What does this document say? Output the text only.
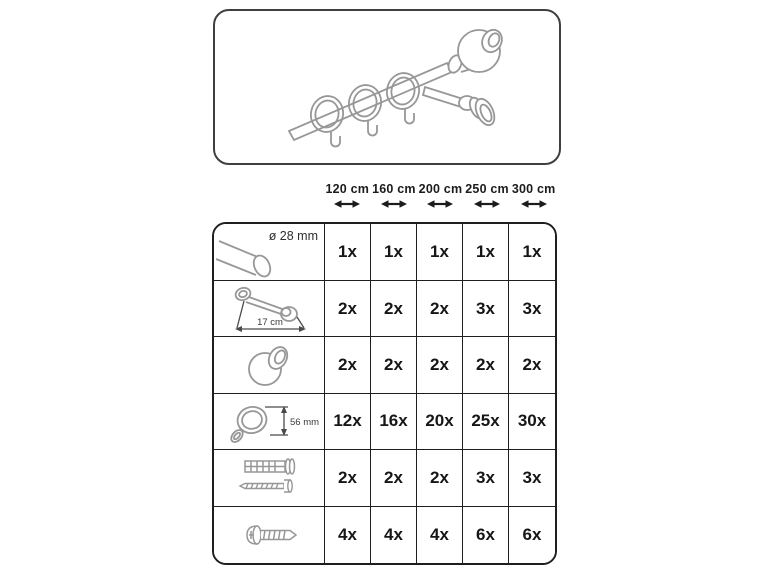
120 cm 160 cm 200 cm 250 cm 300 cm
ø 28 mm
1x	1x	1x	1x	1x
17 cm
2x	2x	2x	3x	3x
2x	2x	2x	2x	2x
56 mm 12x	16x	20x	25x	30x
2x	2x	2x	3x	3x
4x	4x	4x	6x	6x
